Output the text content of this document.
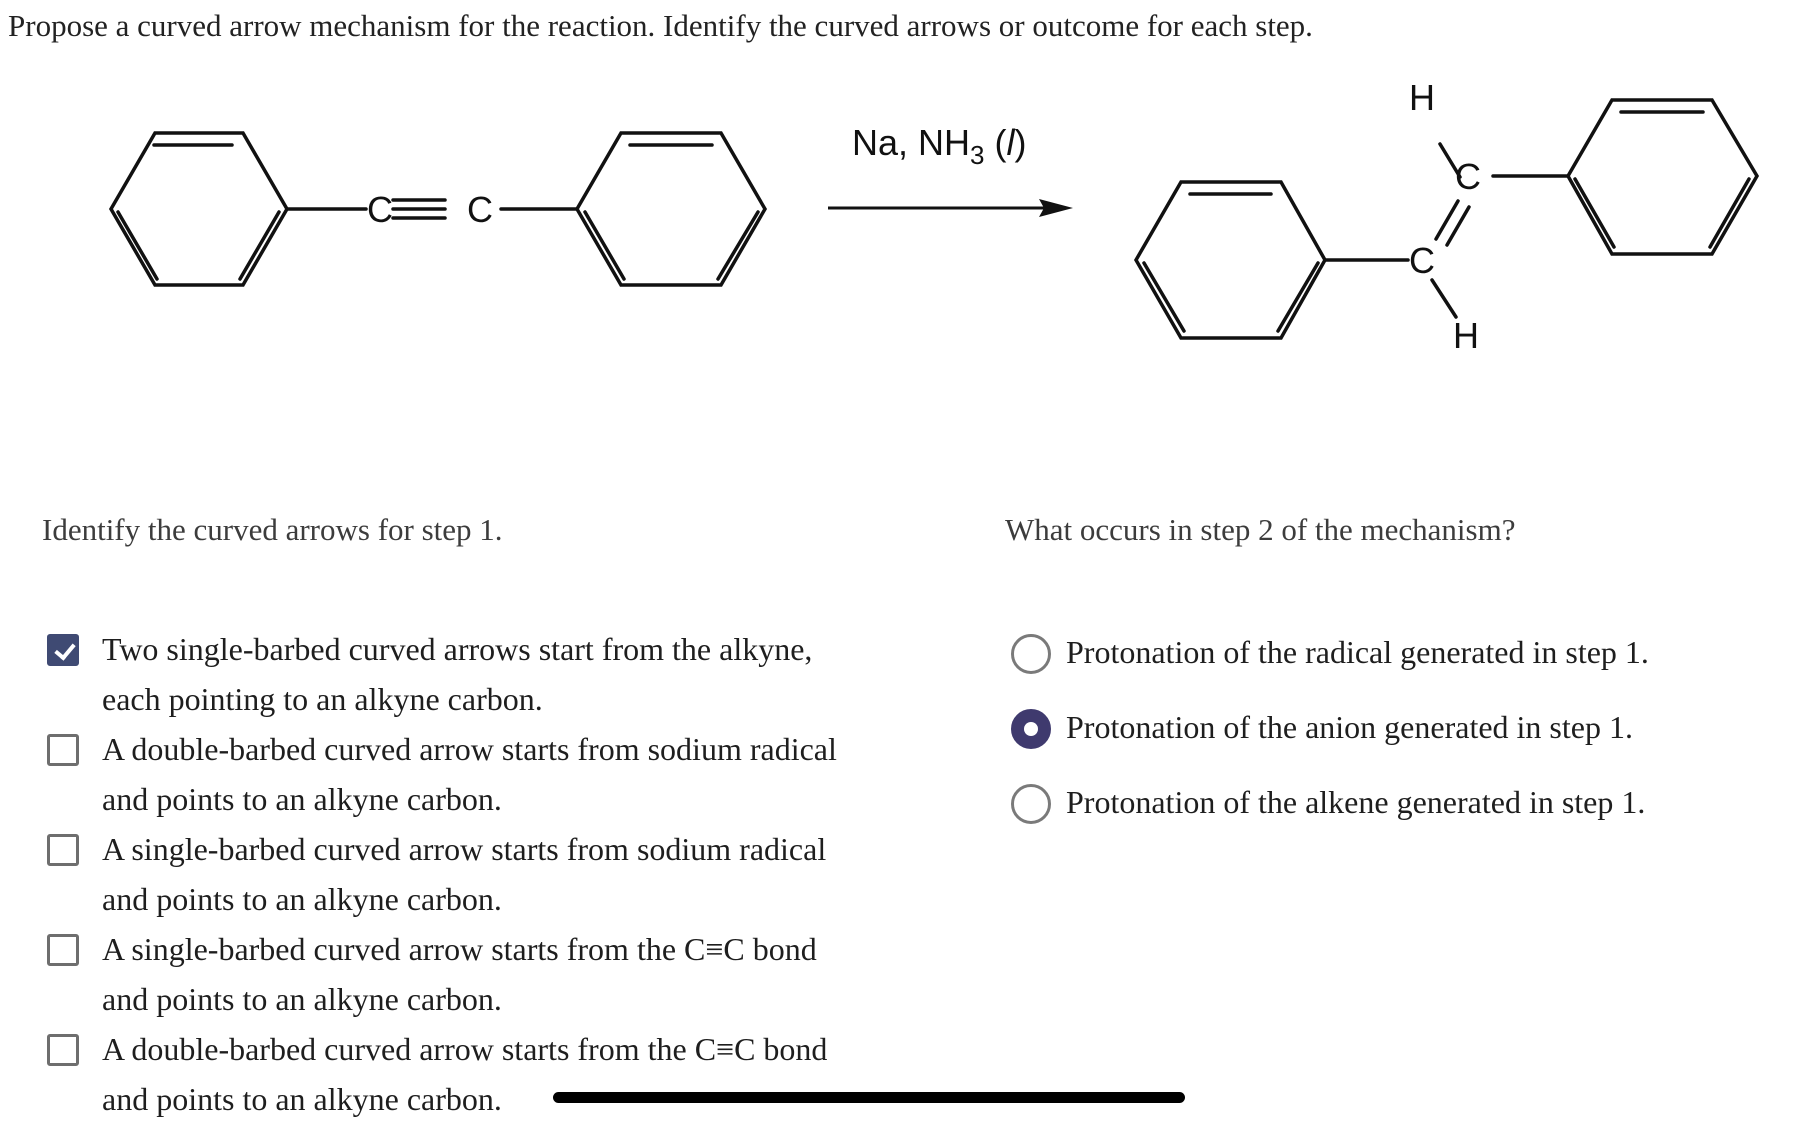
Propose a curved arrow mechanism for the reaction. Identify the curved arrows or outcome for each step.
C C
Na, $NH_3$ (l)
H
C
C
H
Identify the curved arrows for step 1.	What occurs in step 2 of the mechanism?
Two single-barbed curved arrows start from the alkyne, each pointing to an alkyne carbon.
A double-barbed curved arrow starts from sodium radical and points to an alkyne carbon.
A single-barbed curved arrow starts from sodium radical and points to an alkyne carbon.
A single-barbed curved arrow starts from the C≡C bond and points to an alkyne carbon.
A double-barbed curved arrow starts from the C≡C bond and points to an alkyne carbon.
Protonation of the radical generated in step 1.
Protonation of the anion generated in step 1.
Protonation of the alkene generated in step 1.
